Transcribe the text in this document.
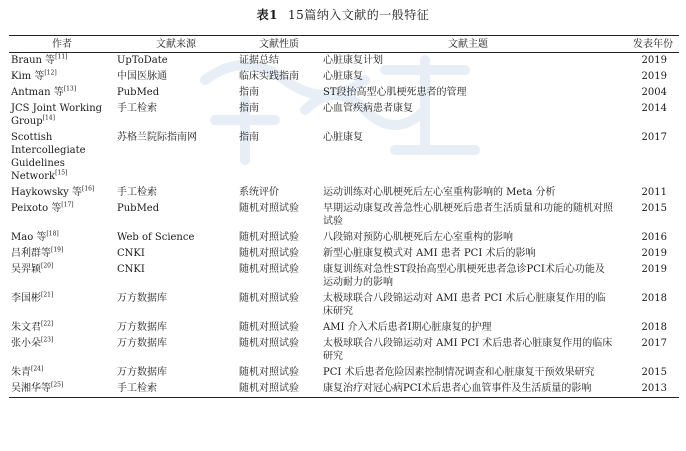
表1 15篇纳入文献的一般特征
作者	文献来源	文献性质	文献主题	发表年份
Braun 等[11]	UpToDate	证据总结	心脏康复计划	2019
Kim 等[12]	中国医脉通	临床实践指南	心脏康复	2019
Antman 等[13]	PubMed	指南	ST段抬高型心肌梗死患者的管理	2004
JCS Joint Working Group[14]	手工检索	指南	心血管疾病患者康复	2014
Scottish Intercollegiate Guidelines Network[15]	苏格兰院际指南网	指南	心脏康复	2017
Haykowsky 等[16]	手工检索	系统评价	运动训练对心肌梗死后左心室重构影响的 Meta 分析	2011
Peixoto 等[17]	PubMed	随机对照试验	早期运动康复改善急性心肌梗死后患者生活质量和功能的随机对照试验	2015
Mao 等[18]	Web of Science	随机对照试验	八段锦对预防心肌梗死后左心室重构的影响	2016
吕利群等[19]	CNKI	随机对照试验	新型心脏康复模式对 AMI 患者 PCI 术后的影响	2019
吴羿颖[20]	CNKI	随机对照试验	康复训练对急性ST段抬高型心肌梗死患者急诊PCI术后心功能及运动耐力的影响	2019
李国彬[21]	万方数据库	随机对照试验	太极球联合八段锦运动对 AMI 患者 PCI 术后心脏康复作用的临床研究	2018
朱文君[22]	万方数据库	随机对照试验	AMI 介入术后患者Ⅰ期心脏康复的护理	2018
张小朵[23]	万方数据库	随机对照试验	太极球联合八段锦运动对 AMI PCI 术后患者心脏康复作用的临床研究	2017
朱青[24]	万方数据库	随机对照试验	PCI 术后患者危险因素控制情况调查和心脏康复干预效果研究	2015
吴湘华等[25]	手工检索	随机对照试验	康复治疗对冠心病PCI术后患者心血管事件及生活质量的影响	2013
